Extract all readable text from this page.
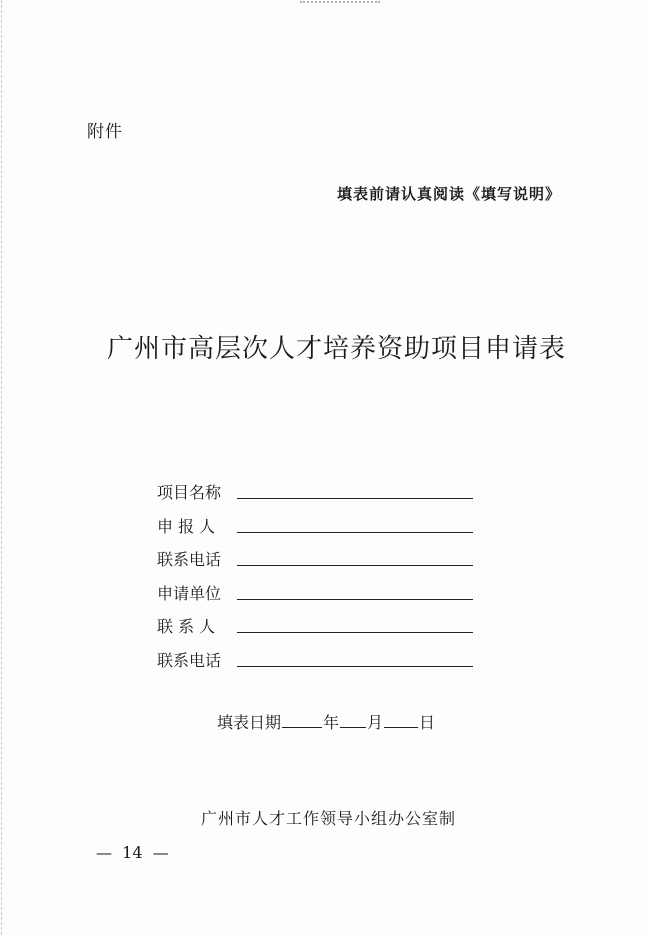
附件
填表前请认真阅读《填写说明》
广州市高层次人才培养资助项目申请表
项目名称
申 报 人
联系电话
申请单位
联 系 人
联系电话
填表日期	年 月 日
广州市人才工作领导小组办公室制
—  14  —
